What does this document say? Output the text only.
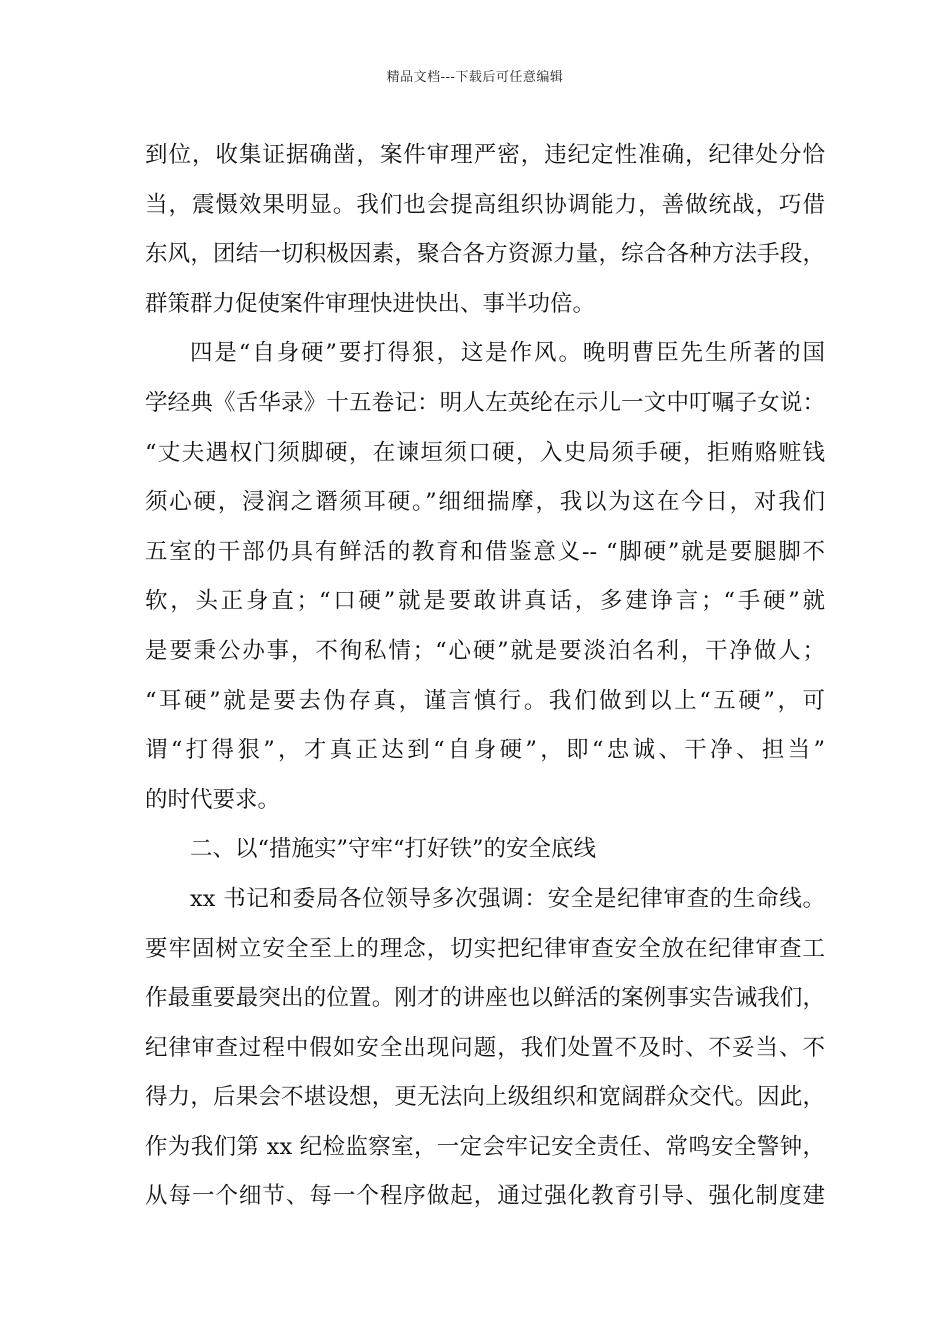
精品文档---下载后可任意编辑
到位，收集证据确凿，案件审理严密，违纪定性准确，纪律处分恰
当，震慑效果明显。我们也会提高组织协调能力，善做统战，巧借
东风，团结一切积极因素，聚合各方资源力量，综合各种方法手段，
群策群力促使案件审理快进快出、事半功倍。
四是“自身硬”要打得狠，这是作风。晚明曹臣先生所著的国
学经典《舌华录》十五卷记：明人左英纶在示儿一文中叮嘱子女说：
“丈夫遇权门须脚硬，在谏垣须口硬，入史局须手硬，拒贿赂赃钱
须心硬，浸润之谮须耳硬。”细细揣摩，我以为这在今日，对我们
五室的干部仍具有鲜活的教育和借鉴意义-- “脚硬”就是要腿脚不
软，头正身直；“口硬”就是要敢讲真话，多建诤言；“手硬”就
是要秉公办事，不徇私情；“心硬”就是要淡泊名利，干净做人；
“耳硬”就是要去伪存真，谨言慎行。我们做到以上“五硬”，可
谓“打得狠”，才真正达到“自身硬”，即“忠诚、干净、担当”
的时代要求。
二、以“措施实”守牢“打好铁”的安全底线
xx 书记和委局各位领导多次强调：安全是纪律审查的生命线。
要牢固树立安全至上的理念，切实把纪律审查安全放在纪律审查工
作最重要最突出的位置。刚才的讲座也以鲜活的案例事实告诫我们，
纪律审查过程中假如安全出现问题，我们处置不及时、不妥当、不
得力，后果会不堪设想，更无法向上级组织和宽阔群众交代。因此，
作为我们第 xx 纪检监察室，一定会牢记安全责任、常鸣安全警钟，
从每一个细节、每一个程序做起，通过强化教育引导、强化制度建
